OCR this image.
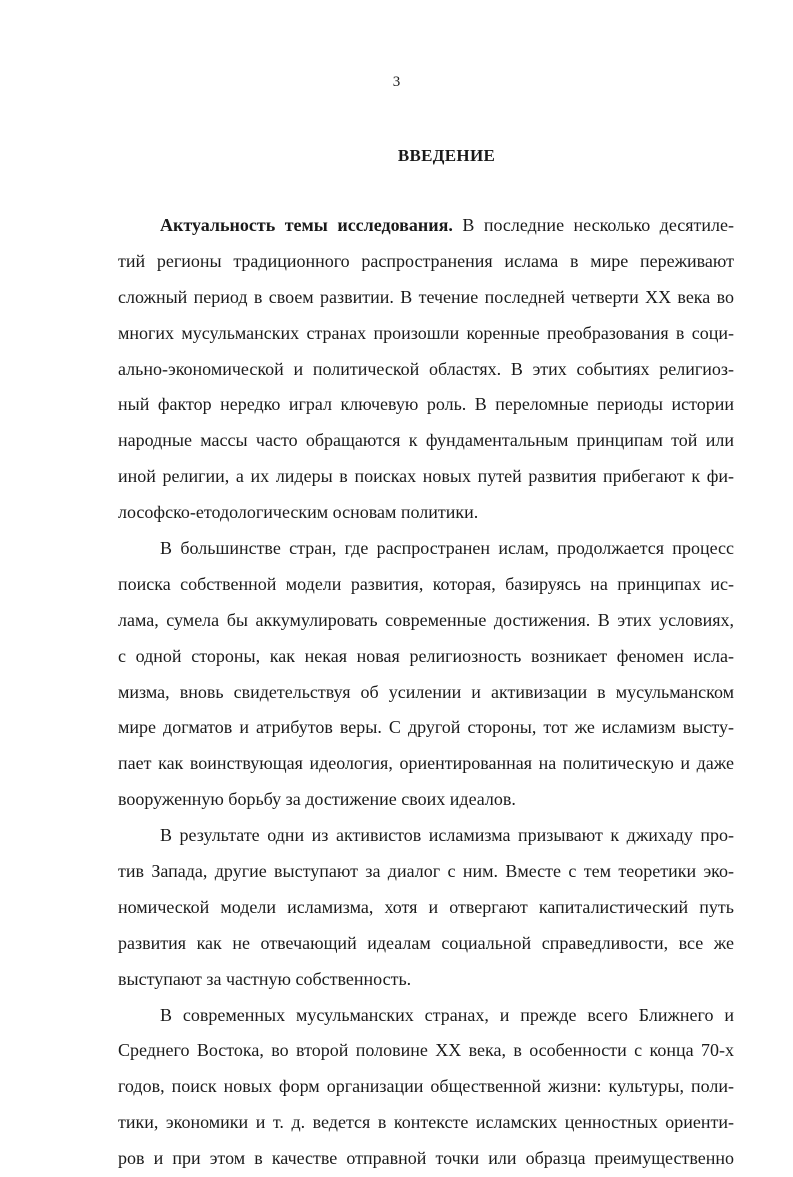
3

ВВЕДЕНИЕ
Актуальность темы исследования. В последние несколько десятиле-
тий регионы традиционного распространения ислама в мире переживают
сложный период в своем развитии. В течение последней четверти XX века во
многих мусульманских странах произошли коренные преобразования в соци-
ально-экономической и политической областях. В этих событиях религиоз-
ный фактор нередко играл ключевую роль. В переломные периоды истории
народные массы часто обращаются к фундаментальным принципам той или
иной религии, а их лидеры в поисках новых путей развития прибегают к фи-
лософско-етодологическим основам политики.
В большинстве стран, где распространен ислам, продолжается процесс
поиска собственной модели развития, которая, базируясь на принципах ис-
лама, сумела бы аккумулировать современные достижения. В этих условиях,
с одной стороны, как некая новая религиозность возникает феномен исла-
мизма, вновь свидетельствуя об усилении и активизации в мусульманском
мире догматов и атрибутов веры. С другой стороны, тот же исламизм высту-
пает как воинствующая идеология, ориентированная на политическую и даже
вооруженную борьбу за достижение своих идеалов.
В результате одни из активистов исламизма призывают к джихаду про-
тив Запада, другие выступают за диалог с ним. Вместе с тем теоретики эко-
номической модели исламизма, хотя и отвергают капиталистический путь
развития как не отвечающий идеалам социальной справедливости, все же
выступают за частную собственность.
В современных мусульманских странах, и прежде всего Ближнего и
Среднего Востока, во второй половине XX века, в особенности с конца 70-х
годов, поиск новых форм организации общественной жизни: культуры, поли-
тики, экономики и т. д. ведется в контексте исламских ценностных ориенти-
ров и при этом в качестве отправной точки или образца преимущественно
